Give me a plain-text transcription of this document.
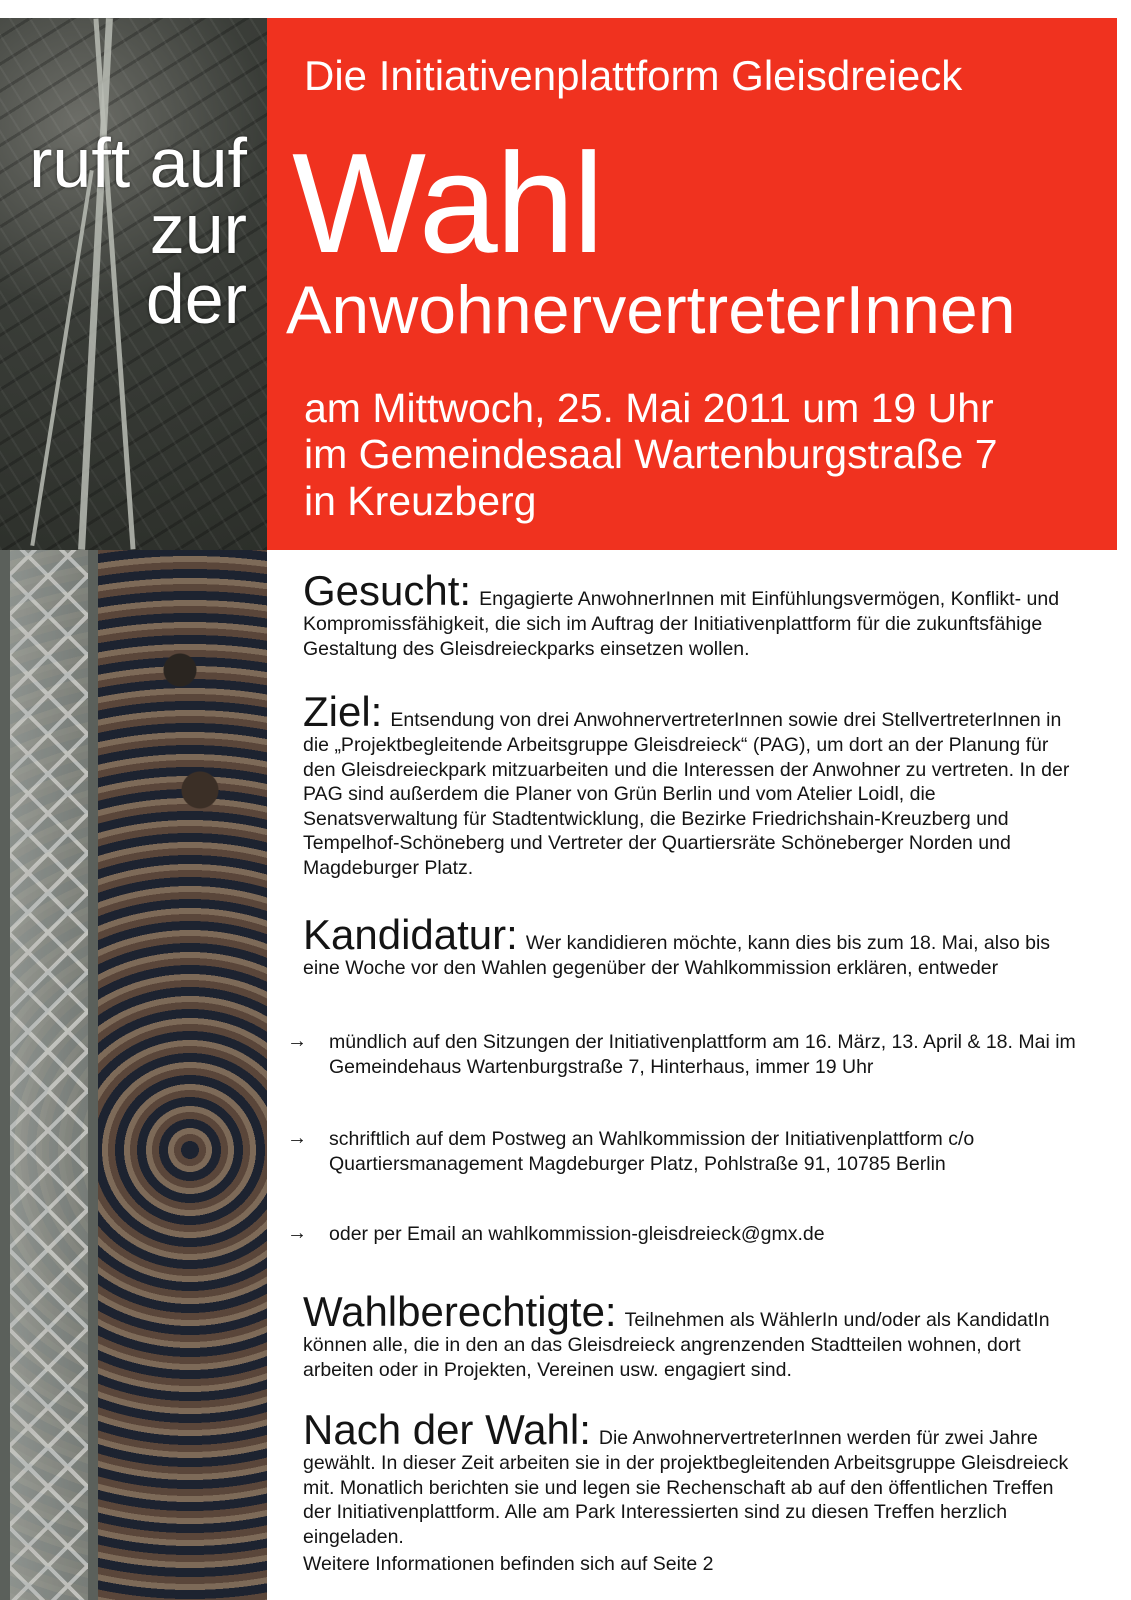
ruft auf
zur
der
Die Initiativenplattform Gleisdreieck
Wahl
AnwohnervertreterInnen
am Mittwoch, 25. Mai 2011 um 19 Uhr
im Gemeindesaal Wartenburgstraße 7
in Kreuzberg
Gesucht: Engagierte AnwohnerInnen mit Einfühlungsvermögen, Konflikt- und Kompromissfähigkeit, die sich im Auftrag der Initiativenplattform für die zukunftsfähige Gestaltung des Gleisdreieckparks einsetzen wollen.
Ziel: Entsendung von drei AnwohnervertreterInnen sowie drei StellvertreterInnen in die „Projektbegleitende Arbeitsgruppe Gleisdreieck“ (PAG), um dort an der Planung für den Gleisdreieckpark mitzuarbeiten und die Interessen der Anwohner zu vertreten. In der PAG sind außerdem die Planer von Grün Berlin und vom Atelier Loidl, die Senatsverwaltung für Stadtentwicklung, die Bezirke Friedrichshain-Kreuzberg und Tempelhof-Schöneberg und Vertreter der Quartiersräte Schöneberger Norden und Magdeburger Platz.
Kandidatur: Wer kandidieren möchte, kann dies bis zum 18. Mai, also bis eine Woche vor den Wahlen gegenüber der Wahlkommission erklären, entweder
→	mündlich auf den Sitzungen der Initiativenplattform am 16. März, 13. April & 18. Mai im Gemeindehaus Wartenburgstraße 7, Hinterhaus, immer 19 Uhr
→	schriftlich auf dem Postweg an Wahlkommission der Initiativenplattform c/o Quartiersmanagement Magdeburger Platz, Pohlstraße 91, 10785 Berlin
→	oder per Email an wahlkommission-gleisdreieck@gmx.de
Wahlberechtigte: Teilnehmen als WählerIn und/oder als KandidatIn können alle, die in den an das Gleisdreieck angrenzenden Stadtteilen wohnen, dort arbeiten oder in Projekten, Vereinen usw. engagiert sind.
Nach der Wahl: Die AnwohnervertreterInnen werden für zwei Jahre gewählt. In dieser Zeit arbeiten sie in der projektbegleitenden Arbeitsgruppe Gleisdreieck mit. Monatlich berichten sie und legen sie Rechenschaft ab auf den öffentlichen Treffen der Initiativenplattform. Alle am Park Interessierten sind zu diesen Treffen herzlich eingeladen.
Weitere Informationen befinden sich auf Seite 2
